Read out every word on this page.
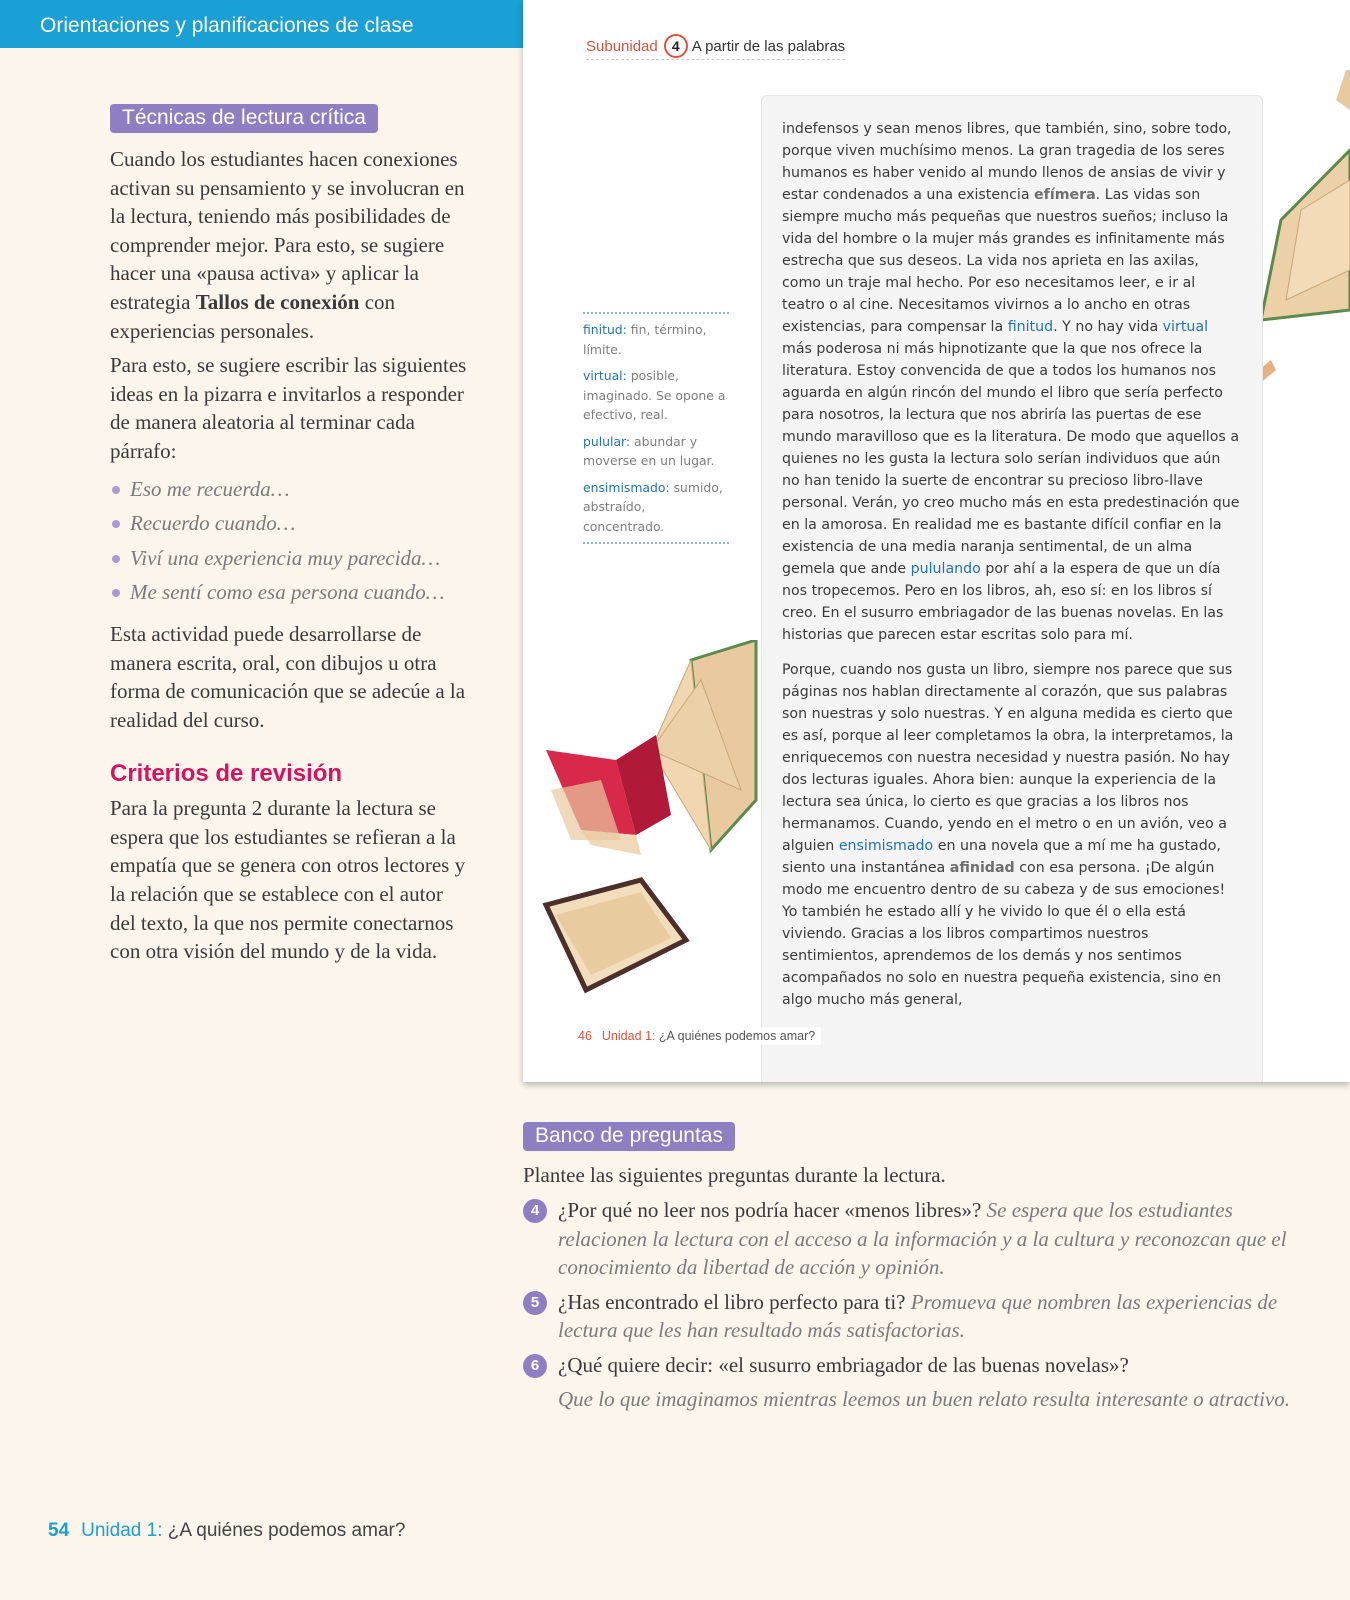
Orientaciones y planificaciones de clase
Técnicas de lectura crítica

Cuando los estudiantes hacen conexiones activan su pensamiento y se involucran en la lectura, teniendo más posibilidades de comprender mejor. Para esto, se sugiere hacer una «pausa activa» y aplicar la estrategia Tallos de conexión con experiencias personales.

Para esto, se sugiere escribir las siguientes ideas en la pizarra e invitarlos a responder de manera aleatoria al terminar cada párrafo:

Eso me recuerda…
Recuerdo cuando…
Viví una experiencia muy parecida…
Me sentí como esa persona cuando…

Esta actividad puede desarrollarse de manera escrita, oral, con dibujos u otra forma de comunicación que se adecúe a la realidad del curso.

Criterios de revisión

Para la pregunta 2 durante la lectura se espera que los estudiantes se refieran a la empatía que se genera con otros lectores y la relación que se establece con el autor del texto, la que nos permite conectarnos con otra visión del mundo y de la vida.

Subunidad 4 A partir de las palabras

finitud: fin, término, límite.

virtual: posible, imaginado. Se opone a efectivo, real.

pulular: abundar y moverse en un lugar.

ensimismado: sumido, abstraído, concentrado.

indefensos y sean menos libres, que también, sino, sobre todo, porque viven muchísimo menos. La gran tragedia de los seres humanos es haber venido al mundo llenos de ansias de vivir y estar condenados a una existencia efímera. Las vidas son siempre mucho más pequeñas que nuestros sueños; incluso la vida del hombre o la mujer más grandes es infinitamente más estrecha que sus deseos. La vida nos aprieta en las axilas, como un traje mal hecho. Por eso necesitamos leer, e ir al teatro o al cine. Necesitamos vivirnos a lo ancho en otras existencias, para compensar la finitud. Y no hay vida virtual más poderosa ni más hipnotizante que la que nos ofrece la literatura. Estoy convencida de que a todos los humanos nos aguarda en algún rincón del mundo el libro que sería perfecto para nosotros, la lectura que nos abriría las puertas de ese mundo maravilloso que es la literatura. De modo que aquellos a quienes no les gusta la lectura solo serían individuos que aún no han tenido la suerte de encontrar su precioso libro-llave personal. Verán, yo creo mucho más en esta predestinación que en la amorosa. En realidad me es bastante difícil confiar en la existencia de una media naranja sentimental, de un alma gemela que ande pululando por ahí a la espera de que un día nos tropecemos. Pero en los libros, ah, eso sí: en los libros sí creo. En el susurro embriagador de las buenas novelas. En las historias que parecen estar escritas solo para mí.

Porque, cuando nos gusta un libro, siempre nos parece que sus páginas nos hablan directamente al corazón, que sus palabras son nuestras y solo nuestras. Y en alguna medida es cierto que es así, porque al leer completamos la obra, la interpretamos, la enriquecemos con nuestra necesidad y nuestra pasión. No hay dos lecturas iguales. Ahora bien: aunque la experiencia de la lectura sea única, lo cierto es que gracias a los libros nos hermanamos. Cuando, yendo en el metro o en un avión, veo a alguien ensimismado en una novela que a mí me ha gustado, siento una instantánea afinidad con esa persona. ¡De algún modo me encuentro dentro de su cabeza y de sus emociones! Yo también he estado allí y he vivido lo que él o ella está viviendo. Gracias a los libros compartimos nuestros sentimientos, aprendemos de los demás y nos sentimos acompañados no solo en nuestra pequeña existencia, sino en algo mucho más general,

46 Unidad 1: ¿A quiénes podemos amar?
Banco de preguntas

Plantee las siguientes preguntas durante la lectura.

4 ¿Por qué no leer nos podría hacer «menos libres»? Se espera que los estudiantes relacionen la lectura con el acceso a la información y a la cultura y reconozcan que el conocimiento da libertad de acción y opinión.

5 ¿Has encontrado el libro perfecto para ti? Promueva que nombren las experiencias de lectura que les han resultado más satisfactorias.

6 ¿Qué quiere decir: «el susurro embriagador de las buenas novelas»?
Que lo que imaginamos mientras leemos un buen relato resulta interesante o atractivo.

54 Unidad 1: ¿A quiénes podemos amar?
